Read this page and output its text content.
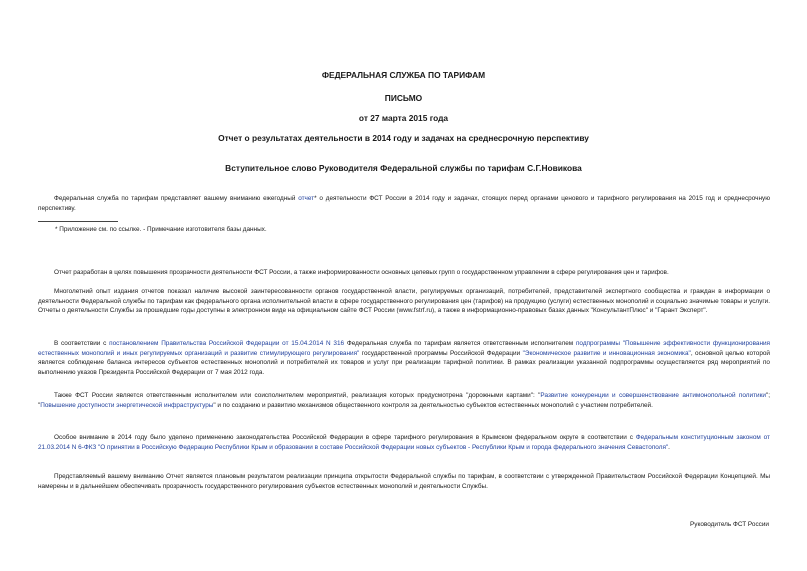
ФЕДЕРАЛЬНАЯ СЛУЖБА ПО ТАРИФАМ
ПИСЬМО
от 27 марта 2015 года
Отчет о результатах деятельности в 2014 году и задачах на среднесрочную перспективу
Вступительное слово Руководителя Федеральной службы по тарифам С.Г.Новикова

Федеральная служба по тарифам представляет вашему вниманию ежегодный отчет* о деятельности ФСТ России в 2014 году и задачах, стоящих перед органами ценового и тарифного регулирования на 2015 год и среднесрочную перспективу.

* Приложение см. по ссылке. - Примечание изготовителя базы данных.

Отчет разработан в целях повышения прозрачности деятельности ФСТ России, а также информированности основных целевых групп о государственном управлении в сфере регулирования цен и тарифов.

Многолетний опыт издания отчетов показал наличие высокой заинтересованности органов государственной власти, регулируемых организаций, потребителей, представителей экспертного сообщества и граждан в информации о деятельности Федеральной службы по тарифам как федерального органа исполнительной власти в сфере государственного регулирования цен (тарифов) на продукцию (услуги) естественных монополий и социально значимые товары и услуги. Отчеты о деятельности Службы за прошедшие годы доступны в электронном виде на официальном сайте ФСТ России (www.fstrf.ru), а также в информационно-правовых базах данных "КонсультантПлюс" и "Гарант Эксперт".

В соответствии с постановлением Правительства Российской Федерации от 15.04.2014 N 316 Федеральная служба по тарифам является ответственным исполнителем подпрограммы "Повышение эффективности функционирования естественных монополий и иных регулируемых организаций и развитие стимулирующего регулирования" государственной программы Российской Федерации "Экономическое развитие и инновационная экономика", основной целью которой является соблюдение баланса интересов субъектов естественных монополий и потребителей их товаров и услуг при реализации тарифной политики. В рамках реализации указанной подпрограммы осуществляется ряд мероприятий по выполнению указов Президента Российской Федерации от 7 мая 2012 года.

Также ФСТ России является ответственным исполнителем или соисполнителем мероприятий, реализация которых предусмотрена "дорожными картами": "Развитие конкуренции и совершенствование антимонопольной политики"; "Повышение доступности энергетической инфраструктуры" и по созданию и развитию механизмов общественного контроля за деятельностью субъектов естественных монополий с участием потребителей.

Особое внимание в 2014 году было уделено применению законодательства Российской Федерации в сфере тарифного регулирования в Крымском федеральном округе в соответствии с Федеральным конституционным законом от 21.03.2014 N 6-ФКЗ "О принятии в Российскую Федерацию Республики Крым и образовании в составе Российской Федерации новых субъектов - Республики Крым и города федерального значения Севастополя".

Представляемый вашему вниманию Отчет является плановым результатом реализации принципа открытости Федеральной службы по тарифам, в соответствии с утвержденной Правительством Российской Федерации Концепцией. Мы намерены и в дальнейшем обеспечивать прозрачность государственного регулирования субъектов естественных монополий и деятельности Службы.

Руководитель ФСТ России
